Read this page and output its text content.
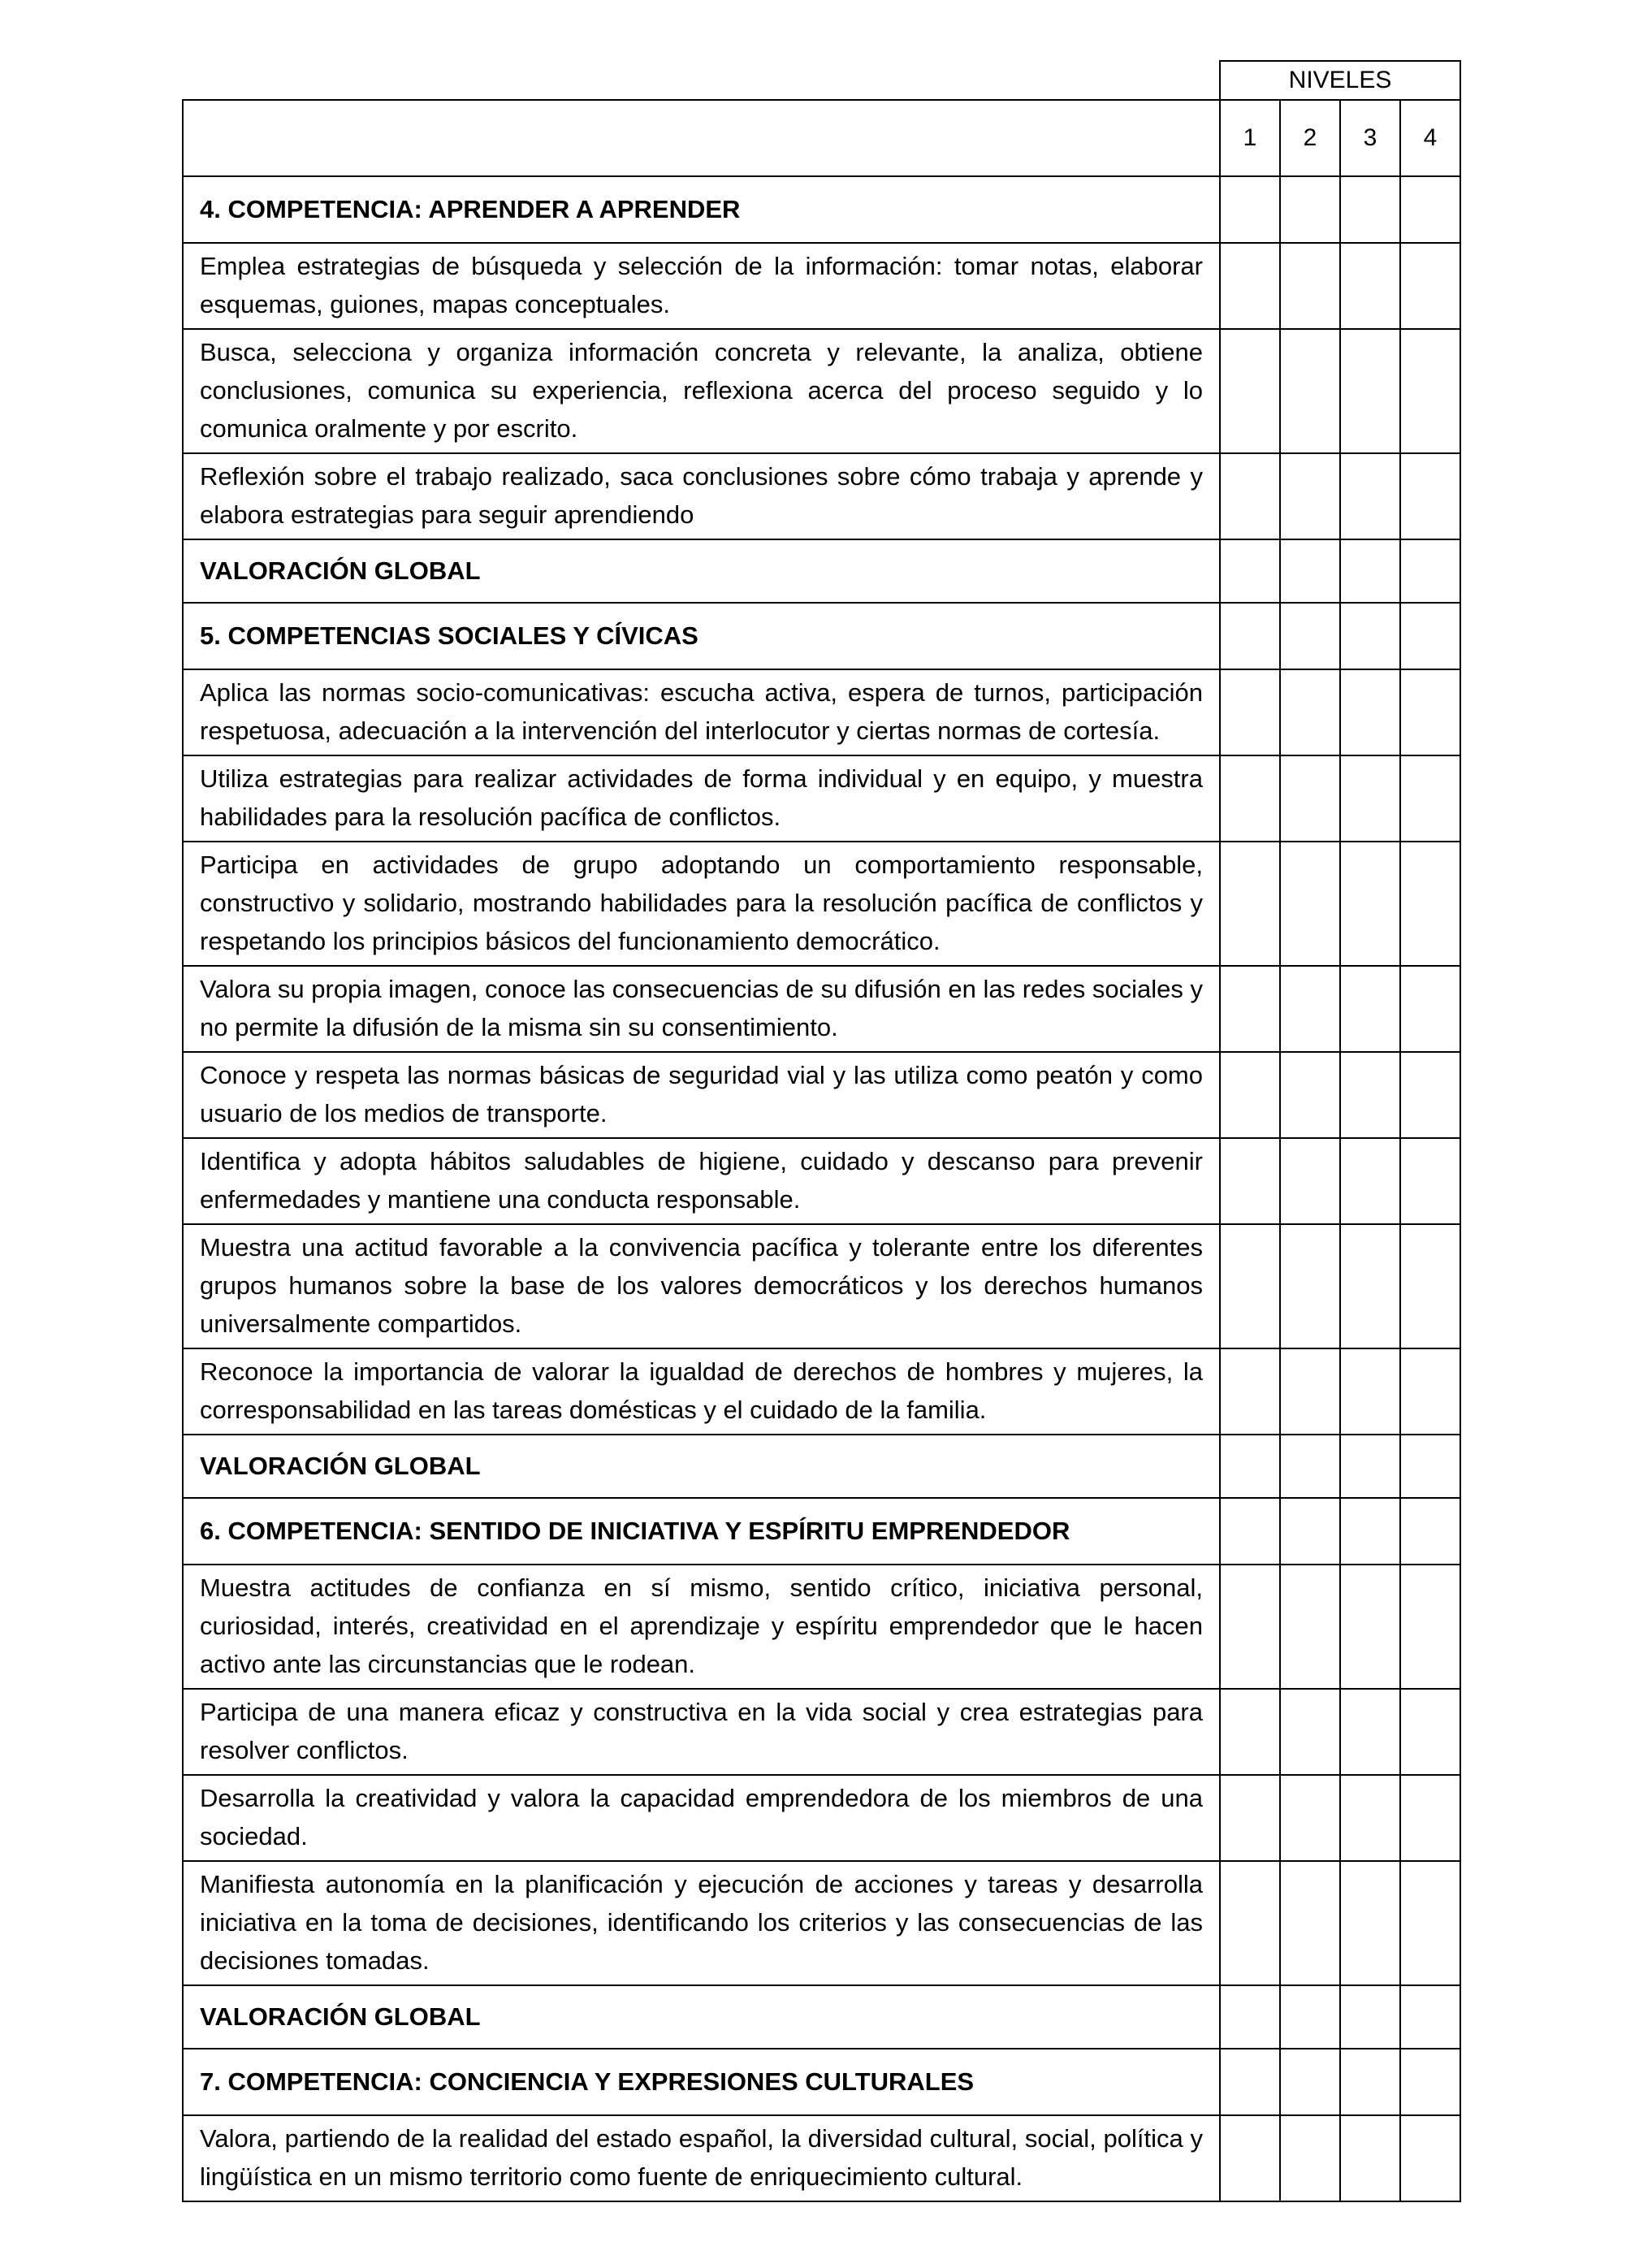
	NIVELES			
	1	2	3	4
4. COMPETENCIA: APRENDER A APRENDER				
Emplea estrategias de búsqueda y selección de la información: tomar notas, elaborar esquemas, guiones, mapas conceptuales.				
Busca, selecciona y organiza información concreta y relevante, la analiza, obtiene conclusiones, comunica su experiencia, reflexiona acerca del proceso seguido y lo comunica oralmente y por escrito.				
Reflexión sobre el trabajo realizado, saca conclusiones sobre cómo trabaja y aprende y elabora estrategias para seguir aprendiendo				
VALORACIÓN GLOBAL				
5. COMPETENCIAS SOCIALES Y CÍVICAS				
Aplica las normas socio-comunicativas: escucha activa, espera de turnos, participación respetuosa, adecuación a la intervención del interlocutor y ciertas normas de cortesía.				
Utiliza estrategias para realizar actividades de forma individual y en equipo, y muestra habilidades para la resolución pacífica de conflictos.				
Participa en actividades de grupo adoptando un comportamiento responsable, constructivo y solidario, mostrando habilidades para la resolución pacífica de conflictos y respetando los principios básicos del funcionamiento democrático.				
Valora su propia imagen, conoce las consecuencias de su difusión en las redes sociales y no permite la difusión de la misma sin su consentimiento.				
Conoce y respeta las normas básicas de seguridad vial y las utiliza como peatón y como usuario de los medios de transporte.				
Identifica y adopta hábitos saludables de higiene, cuidado y descanso para prevenir enfermedades y mantiene una conducta responsable.				
Muestra una actitud favorable a la convivencia pacífica y tolerante entre los diferentes grupos humanos sobre la base de los valores democráticos y los derechos humanos universalmente compartidos.				
Reconoce la importancia de valorar la igualdad de derechos de hombres y mujeres, la corresponsabilidad en las tareas domésticas y el cuidado de la familia.				
VALORACIÓN GLOBAL				
6. COMPETENCIA: SENTIDO DE INICIATIVA Y ESPÍRITU EMPRENDEDOR				
Muestra actitudes de confianza en sí mismo, sentido crítico, iniciativa personal, curiosidad, interés, creatividad en el aprendizaje y espíritu emprendedor que le hacen activo ante las circunstancias que le rodean.				
Participa de una manera eficaz y constructiva en la vida social y crea estrategias para resolver conflictos.				
Desarrolla la creatividad y valora la capacidad emprendedora de los miembros de una sociedad.				
Manifiesta autonomía en la planificación y ejecución de acciones y tareas y desarrolla iniciativa en la toma de decisiones, identificando los criterios y las consecuencias de las decisiones tomadas.				
VALORACIÓN GLOBAL				
7. COMPETENCIA: CONCIENCIA Y EXPRESIONES CULTURALES				
Valora, partiendo de la realidad del estado español, la diversidad cultural, social, política y lingüística en un mismo territorio como fuente de enriquecimiento cultural.				
